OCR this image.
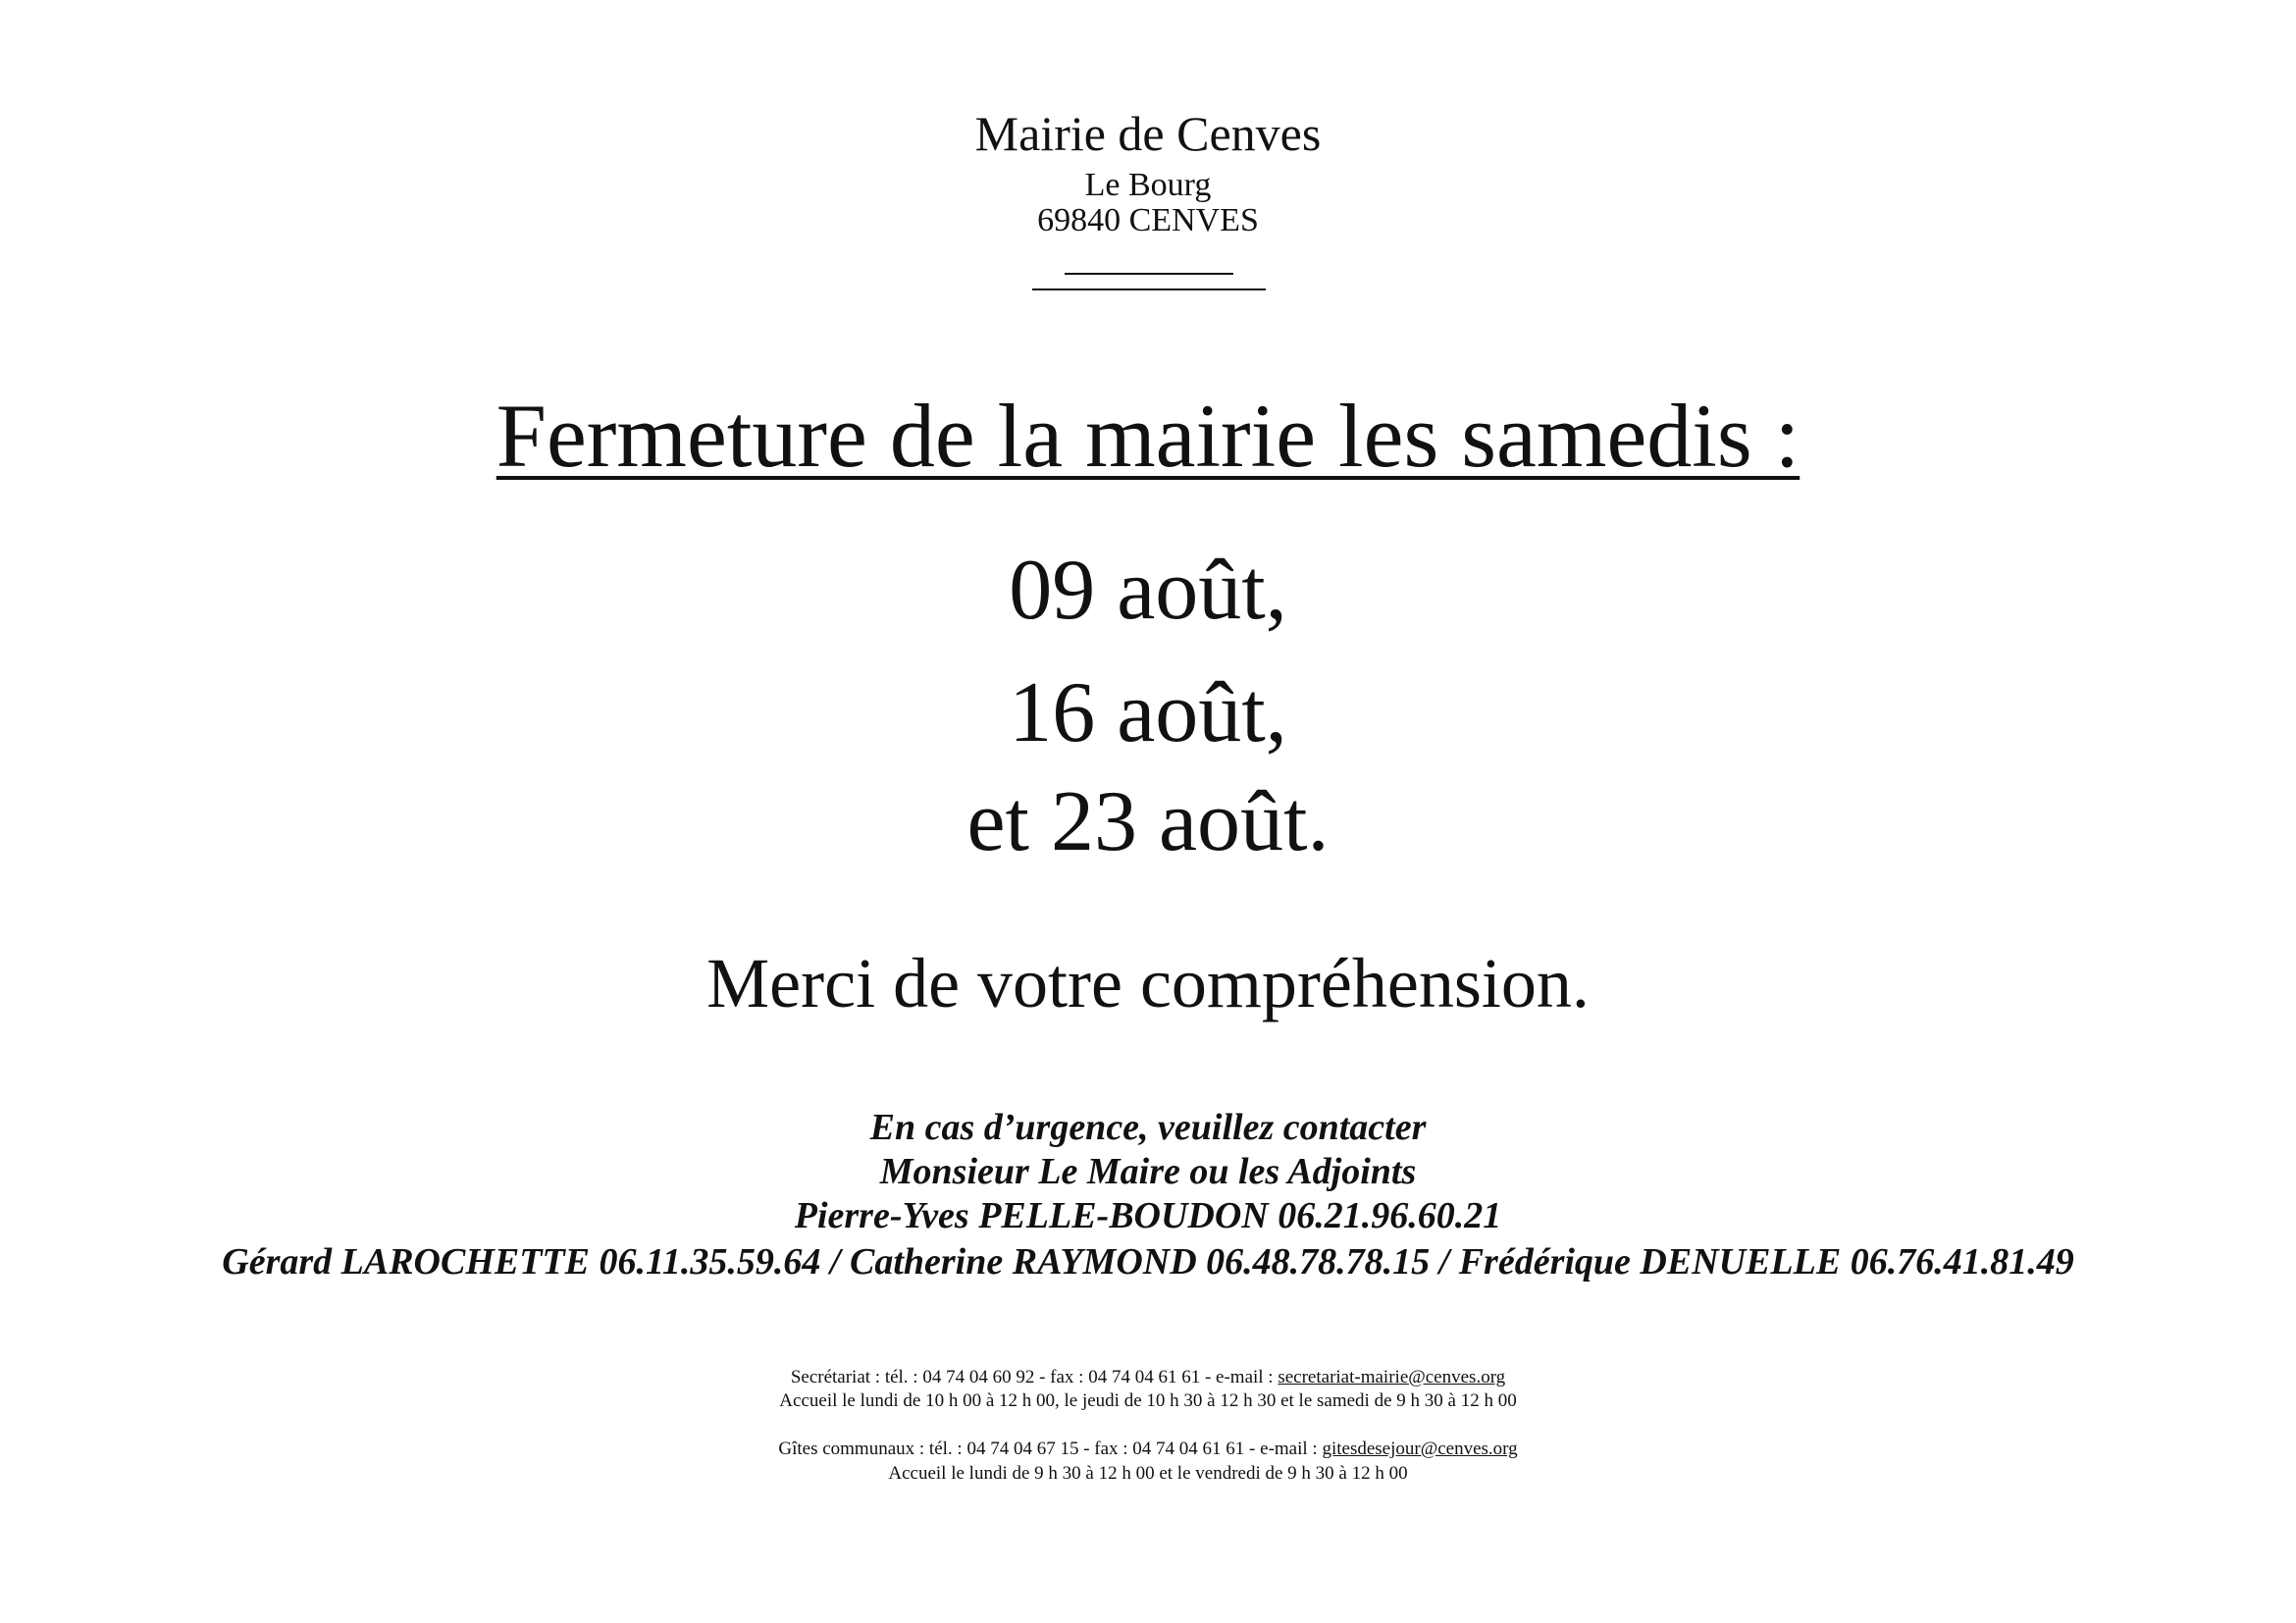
Mairie de Cenves
Le Bourg
69840 CENVES
Fermeture de la mairie les samedis :
09 août,
16 août,
et 23 août.
Merci de votre compréhension.
En cas d’urgence, veuillez contacter
Monsieur Le Maire ou les Adjoints
Pierre-Yves PELLE-BOUDON 06.21.96.60.21
Gérard LAROCHETTE 06.11.35.59.64 / Catherine RAYMOND 06.48.78.78.15 / Frédérique DENUELLE 06.76.41.81.49
Secrétariat : tél. : 04 74 04 60 92 - fax : 04 74 04 61 61 - e-mail : secretariat-mairie@cenves.org
Accueil le lundi de 10 h 00 à 12 h 00, le jeudi de 10 h 30 à 12 h 30 et le samedi de 9 h 30 à 12 h 00
Gîtes communaux : tél. : 04 74 04 67 15 - fax : 04 74 04 61 61 - e-mail : gitesdesejour@cenves.org
Accueil le lundi de 9 h 30 à 12 h 00 et le vendredi de 9 h 30 à 12 h 00
